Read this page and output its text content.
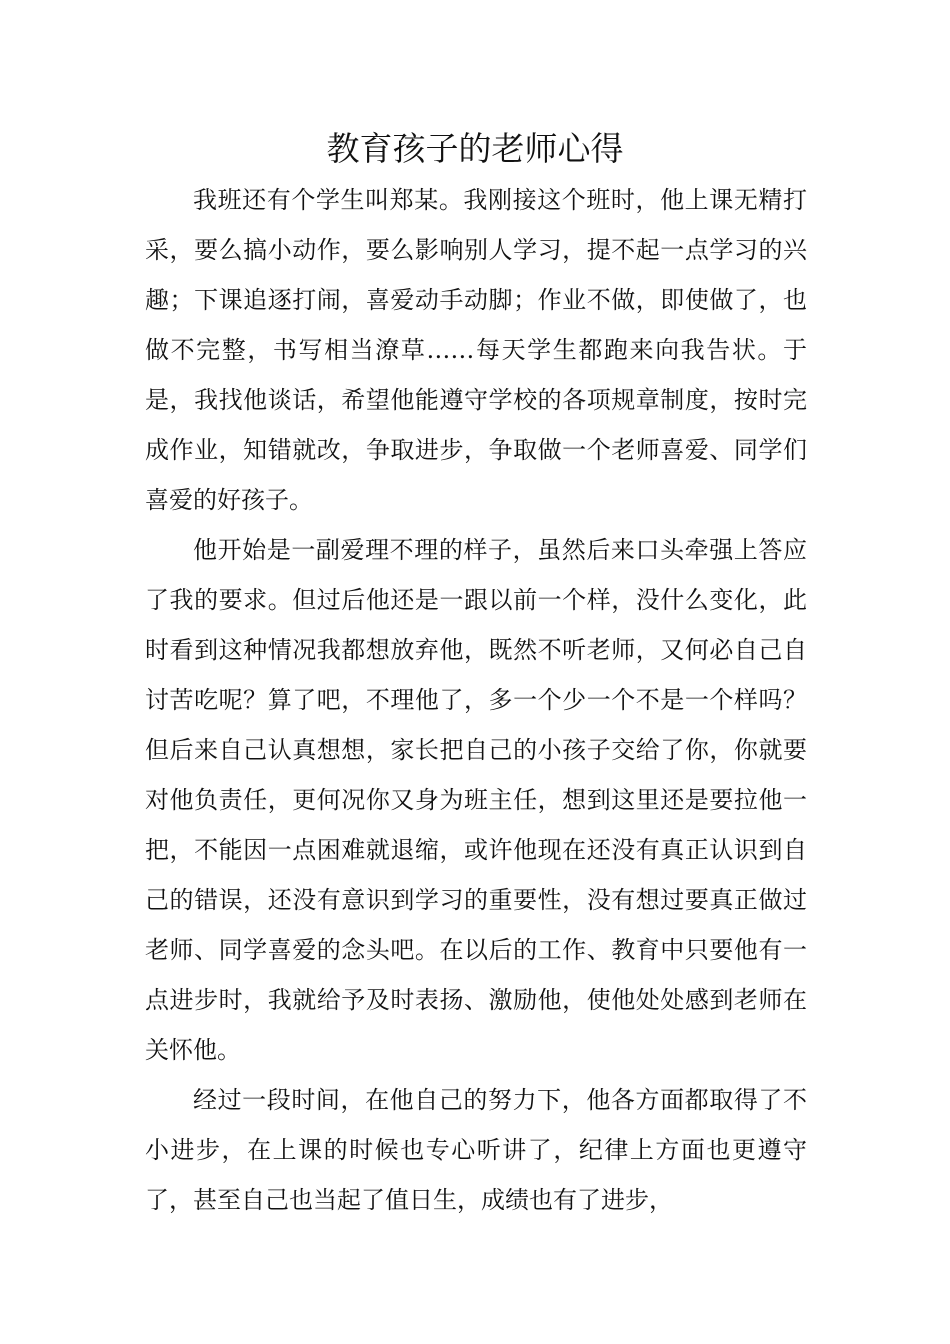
教育孩子的老师心得

我班还有个学生叫郑某。我刚接这个班时，他上课无精打采，要么搞小动作，要么影响别人学习，提不起一点学习的兴趣；下课追逐打闹，喜爱动手动脚；作业不做，即使做了，也做不完整，书写相当潦草……每天学生都跑来向我告状。于是，我找他谈话，希望他能遵守学校的各项规章制度，按时完成作业，知错就改，争取进步，争取做一个老师喜爱、同学们喜爱的好孩子。

他开始是一副爱理不理的样子，虽然后来口头牵强上答应了我的要求。但过后他还是一跟以前一个样，没什么变化，此时看到这种情况我都想放弃他，既然不听老师，又何必自己自讨苦吃呢？算了吧，不理他了，多一个少一个不是一个样吗？但后来自己认真想想，家长把自己的小孩子交给了你，你就要对他负责任，更何况你又身为班主任，想到这里还是要拉他一把，不能因一点困难就退缩，或许他现在还没有真正认识到自己的错误，还没有意识到学习的重要性，没有想过要真正做过老师、同学喜爱的念头吧。在以后的工作、教育中只要他有一点进步时，我就给予及时表扬、激励他，使他处处感到老师在关怀他。

经过一段时间，在他自己的努力下，他各方面都取得了不小进步，在上课的时候也专心听讲了，纪律上方面也更遵守了，甚至自己也当起了值日生，成绩也有了进步，
